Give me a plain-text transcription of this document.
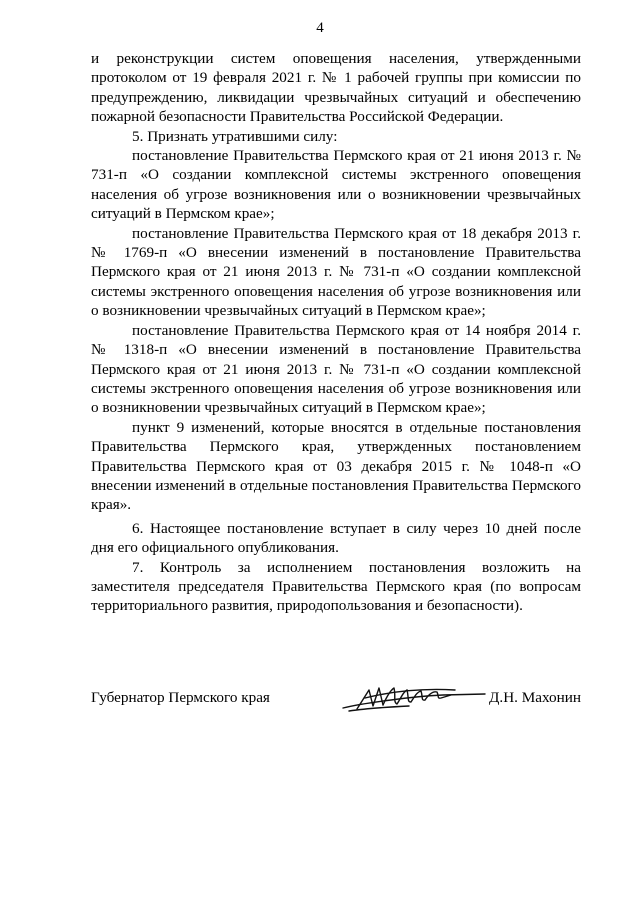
4

и реконструкции систем оповещения населения, утвержденными протоколом от 19 февраля 2021 г. № 1 рабочей группы при комиссии по предупреждению, ликвидации чрезвычайных ситуаций и обеспечению пожарной безопасности Правительства Российской Федерации.

5. Признать утратившими силу:

постановление Правительства Пермского края от 21 июня 2013 г. № 731-п «О создании комплексной системы экстренного оповещения населения об угрозе возникновения или о возникновении чрезвычайных ситуаций в Пермском крае»;

постановление Правительства Пермского края от 18 декабря 2013 г. № 1769-п «О внесении изменений в постановление Правительства Пермского края от 21 июня 2013 г. № 731-п «О создании комплексной системы экстренного оповещения населения об угрозе возникновения или о возникновении чрезвычайных ситуаций в Пермском крае»;

постановление Правительства Пермского края от 14 ноября 2014 г. № 1318-п «О внесении изменений в постановление Правительства Пермского края от 21 июня 2013 г. № 731-п «О создании комплексной системы экстренного оповещения населения об угрозе возникновения или о возникновении чрезвычайных ситуаций в Пермском крае»;

пункт 9 изменений, которые вносятся в отдельные постановления Правительства Пермского края, утвержденных постановлением Правительства Пермского края от 03 декабря 2015 г. № 1048-п «О внесении изменений в отдельные постановления Правительства Пермского края».

6. Настоящее постановление вступает в силу через 10 дней после дня его официального опубликования.

7. Контроль за исполнением постановления возложить на заместителя председателя Правительства Пермского края (по вопросам территориального развития, природопользования и безопасности).

Губернатор Пермского края	Д.Н. Махонин
